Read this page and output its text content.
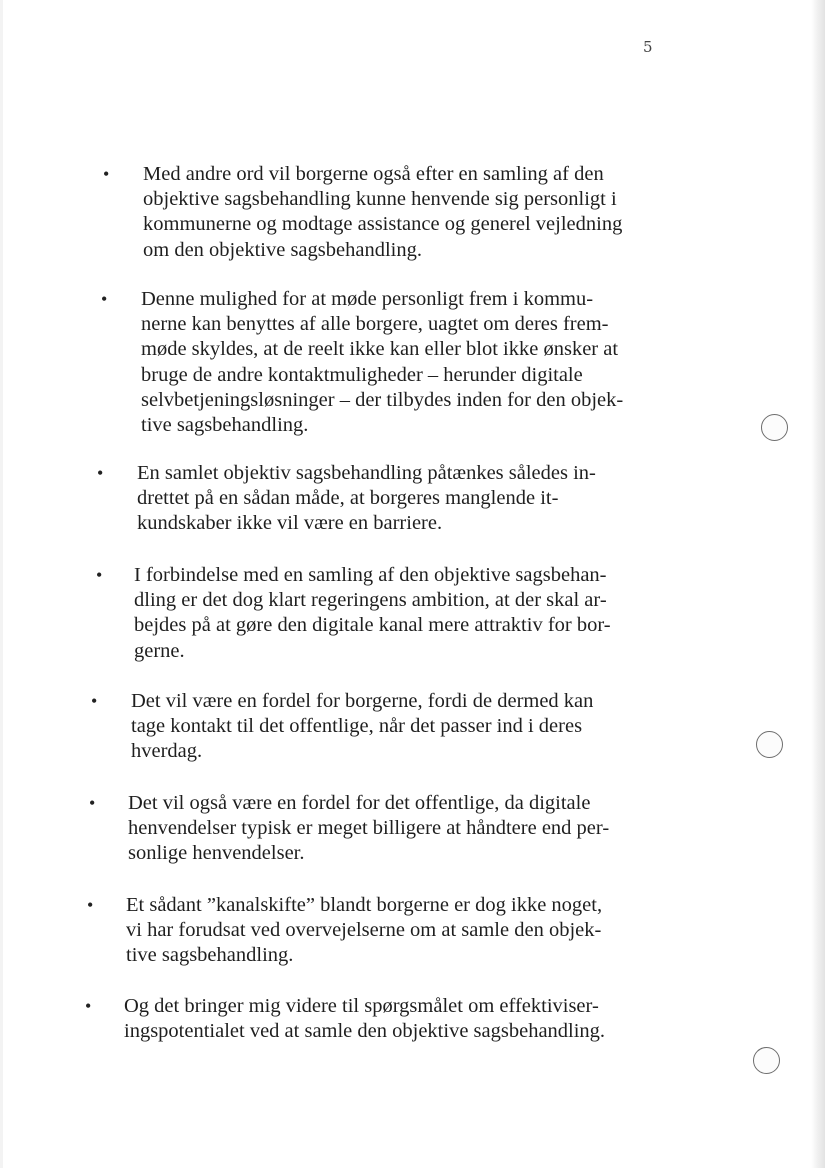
5
• Med andre ord vil borgerne også efter en samling af den
objektive sagsbehandling kunne henvende sig personligt i
kommunerne og modtage assistance og generel vejledning
om den objektive sagsbehandling.
• Denne mulighed for at møde personligt frem i kommu-
nerne kan benyttes af alle borgere, uagtet om deres frem-
møde skyldes, at de reelt ikke kan eller blot ikke ønsker at
bruge de andre kontaktmuligheder – herunder digitale
selvbetjeningsløsninger – der tilbydes inden for den objek-
tive sagsbehandling.
• En samlet objektiv sagsbehandling påtænkes således in-
drettet på en sådan måde, at borgeres manglende it-
kundskaber ikke vil være en barriere.
• I forbindelse med en samling af den objektive sagsbehan-
dling er det dog klart regeringens ambition, at der skal ar-
bejdes på at gøre den digitale kanal mere attraktiv for bor-
gerne.
• Det vil være en fordel for borgerne, fordi de dermed kan
tage kontakt til det offentlige, når det passer ind i deres
hverdag.
• Det vil også være en fordel for det offentlige, da digitale
henvendelser typisk er meget billigere at håndtere end per-
sonlige henvendelser.
• Et sådant ”kanalskifte” blandt borgerne er dog ikke noget,
vi har forudsat ved overvejelserne om at samle den objek-
tive sagsbehandling.
• Og det bringer mig videre til spørgsmålet om effektiviser-
ingspotentialet ved at samle den objektive sagsbehandling.
